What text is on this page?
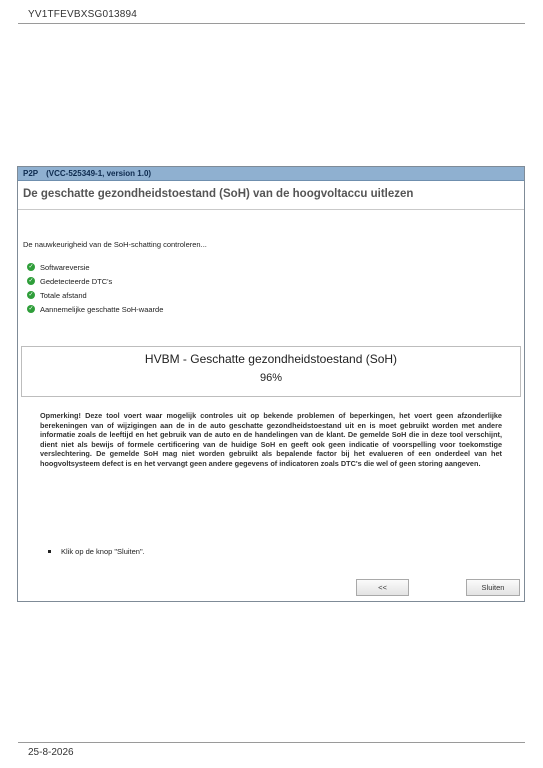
YV1TFEVBXSG013894
P2P (VCC-525349-1, version 1.0)
De geschatte gezondheidstoestand (SoH) van de hoogvoltaccu uitlezen
De nauwkeurigheid van de SoH-schatting controleren...
✓ Softwareversie
✓ Gedetecteerde DTC's
✓ Totale afstand
✓ Aannemelijke geschatte SoH-waarde
HVBM - Geschatte gezondheidstoestand (SoH)
96%
Opmerking! Deze tool voert waar mogelijk controles uit op bekende problemen of beperkingen, het voert geen afzonderlijke berekeningen van of wijzigingen aan de in de auto geschatte gezondheidstoestand uit en is moet gebruikt worden met andere informatie zoals de leeftijd en het gebruik van de auto en de handelingen van de klant. De gemelde SoH die in deze tool verschijnt, dient niet als bewijs of formele certificering van de huidige SoH en geeft ook geen indicatie of voorspelling voor toekomstige verslechtering. De gemelde SoH mag niet worden gebruikt als bepalende factor bij het evalueren of een onderdeel van het hoogvoltsysteem defect is en het vervangt geen andere gegevens of indicatoren zoals DTC's die wel of geen storing aangeven.
Klik op de knop "Sluiten".
<<	Sluiten
25-8-2026
